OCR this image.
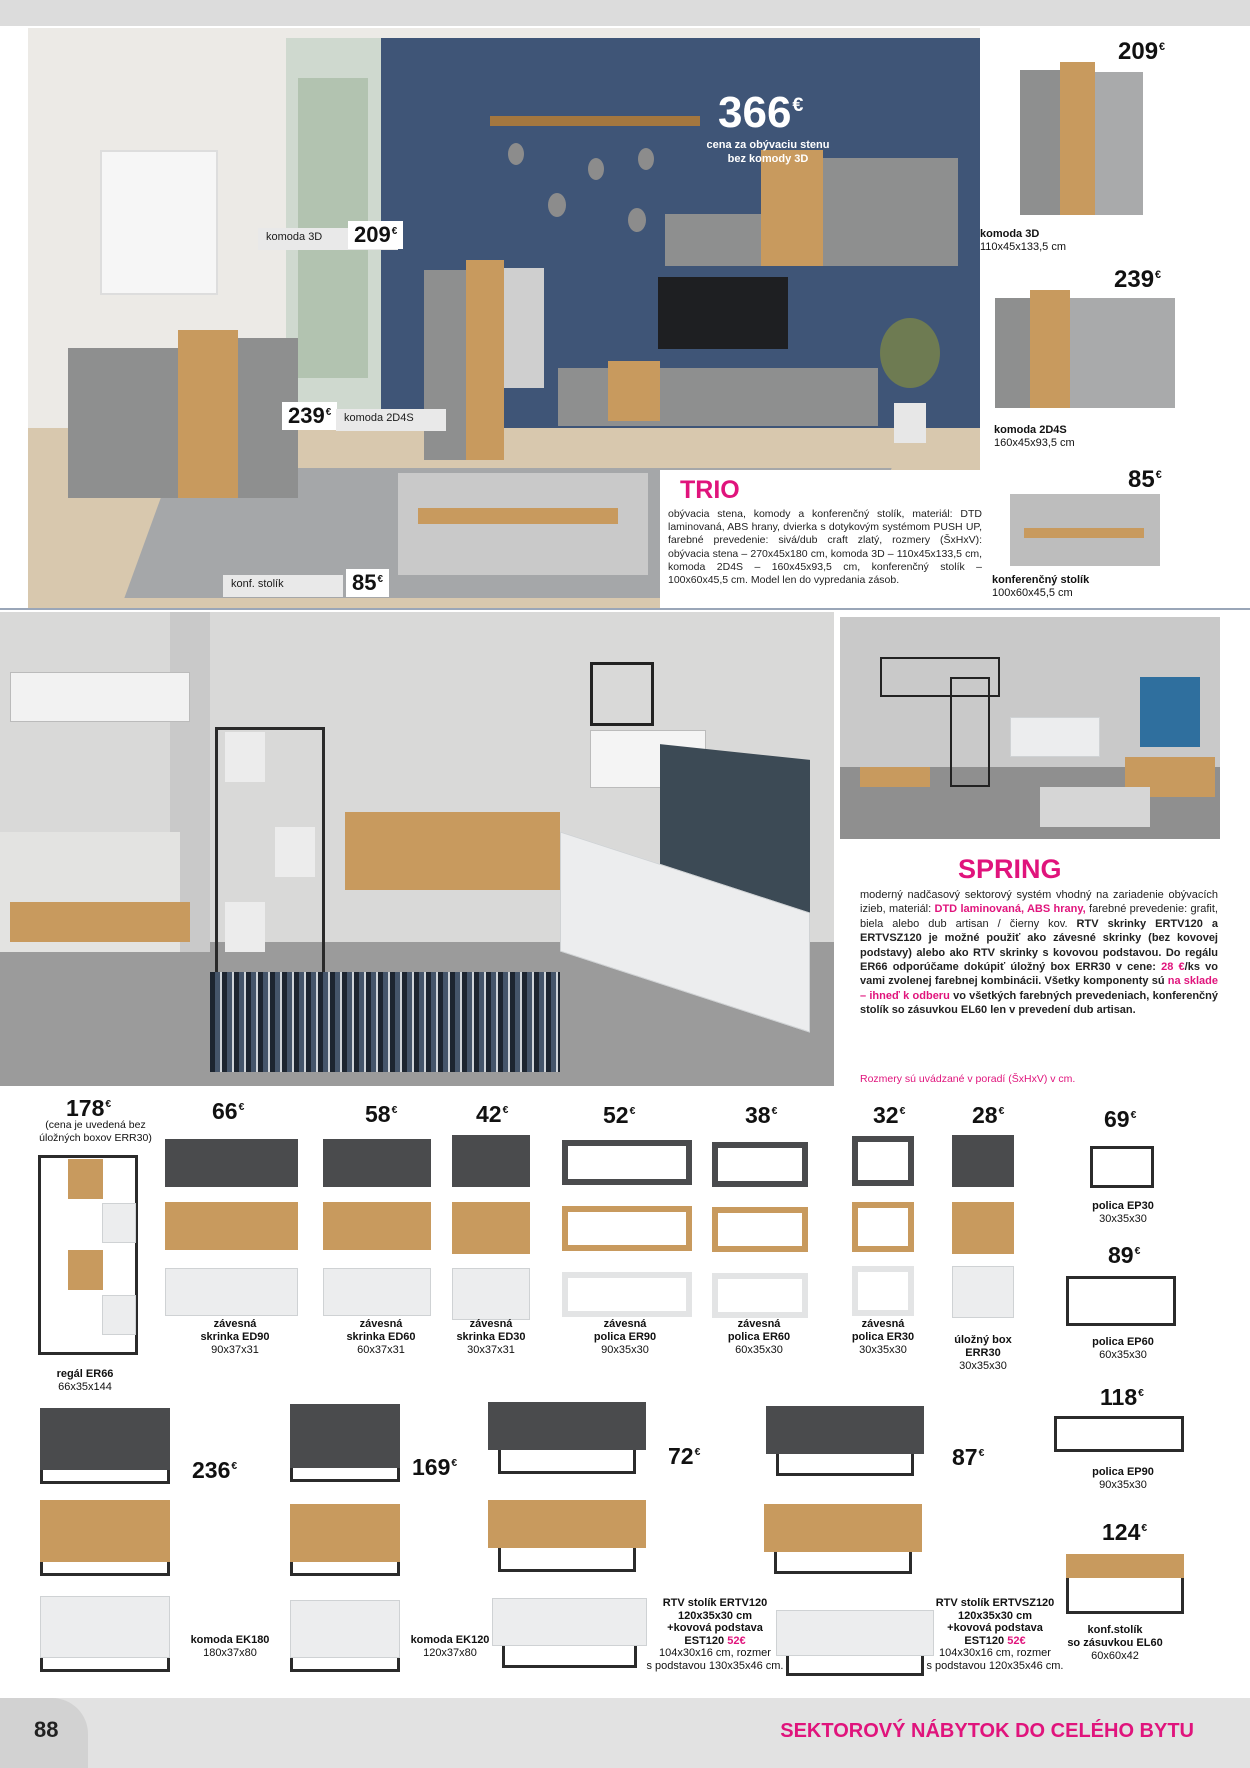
komoda 3D	209€
239€	komoda 2D4S
konf. stolík	85€
366€
cena za obývaciu stenu
bez komody 3D
TRIO
obývacia stena, komody a konferenčný stolík, materiál: DTD laminovaná, ABS hrany, dvierka s dotykovým systémom PUSH UP, farebné prevedenie: sivá/dub craft zlatý, rozmery (ŠxHxV): obývacia stena – 270x45x180 cm, komoda 3D – 110x45x133,5 cm, komoda 2D4S – 160x45x93,5 cm, konferenčný stolík – 100x60x45,5 cm. Model len do vypredania zásob.
209€
komoda 3D
110x45x133,5 cm
239€
komoda 2D4S
160x45x93,5 cm
85€
konferenčný stolík
100x60x45,5 cm
SPRING
moderný nadčasový sektorový systém vhodný na zariadenie obývacích izieb, materiál: DTD laminovaná, ABS hrany, farebné prevedenie: grafit, biela alebo dub artisan / čierny kov. RTV skrinky ERTV120 a ERTVSZ120 je možné použiť ako závesné skrinky (bez kovovej podstavy) alebo ako RTV skrinky s kovovou podstavou. Do regálu ER66 odporúčame dokúpiť úložný box ERR30 v cene: 28 €/ks vo vami zvolenej farebnej kombinácii. Všetky komponenty sú na sklade – ihneď k odberu vo všetkých farebných prevedeniach, konferenčný stolík so zásuvkou EL60 len v prevedení dub artisan.
Rozmery sú uvádzané v poradí (ŠxHxV) v cm.
178€
(cena je uvedená bez úložných boxov ERR30)
regál ER66
66x35x144
66€
závesná
skrinka ED90
90x37x31
58€
závesná
skrinka ED60
60x37x31
42€
závesná
skrinka ED30
30x37x31
52€
závesná
polica ER90
90x35x30
38€
závesná
polica ER60
60x35x30
32€
závesná
polica ER30
30x35x30
28€
úložný box
ERR30
30x35x30
69€
polica EP30
30x35x30
89€
polica EP60
60x35x30
118€
polica EP90
90x35x30
124€
konf.stolík
so zásuvkou EL60
60x60x42
236€
komoda EK180
180x37x80
169€
komoda EK120
120x37x80
72€
RTV stolík ERTV120
120x35x30 cm
+kovová podstava
EST120 52€
104x30x16 cm, rozmer
s podstavou 130x35x46 cm.
87€
RTV stolík ERTVSZ120
120x35x30 cm
+kovová podstava
EST120 52€
104x30x16 cm, rozmer
s podstavou 120x35x46 cm.
88	SEKTOROVÝ NÁBYTOK DO CELÉHO BYTU
